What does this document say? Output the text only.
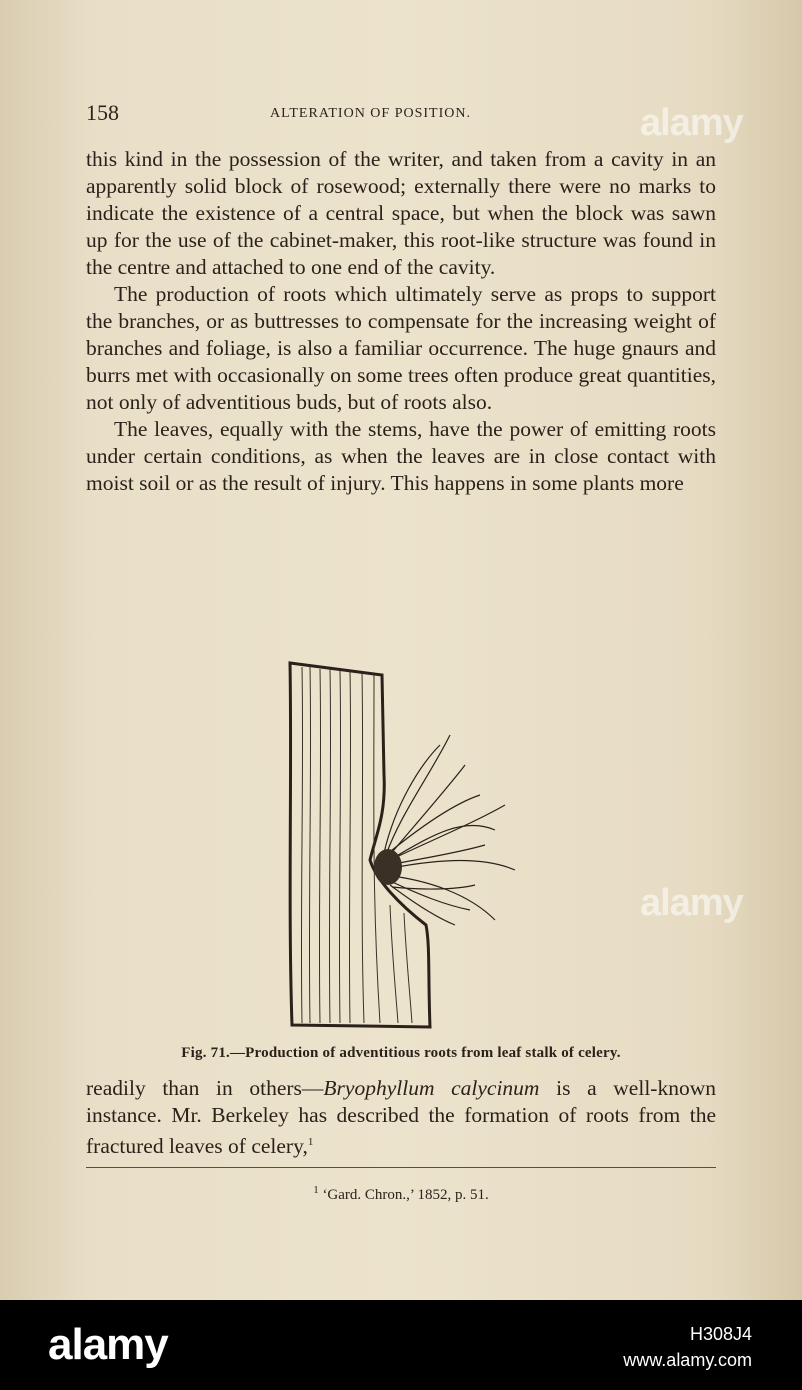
158	ALTERATION OF POSITION.

this kind in the possession of the writer, and taken from a cavity in an apparently solid block of rosewood; externally there were no marks to indicate the existence of a central space, but when the block was sawn up for the use of the cabinet-maker, this root-like structure was found in the centre and attached to one end of the cavity.

The production of roots which ultimately serve as props to support the branches, or as buttresses to compensate for the increasing weight of branches and foliage, is also a familiar occurrence. The huge gnaurs and burrs met with occasionally on some trees often produce great quantities, not only of adventitious buds, but of roots also.

The leaves, equally with the stems, have the power of emitting roots under certain conditions, as when the leaves are in close contact with moist soil or as the result of injury. This happens in some plants more

Fig. 71.—Production of adventitious roots from leaf stalk of celery.

readily than in others—Bryophyllum calycinum is a well-known instance. Mr. Berkeley has described the formation of roots from the fractured leaves of celery,$^1$

$^1$ ‘Gard. Chron.,’ 1852, p. 51.
alamy
alamy
alamy	H308J4
www.alamy.com
